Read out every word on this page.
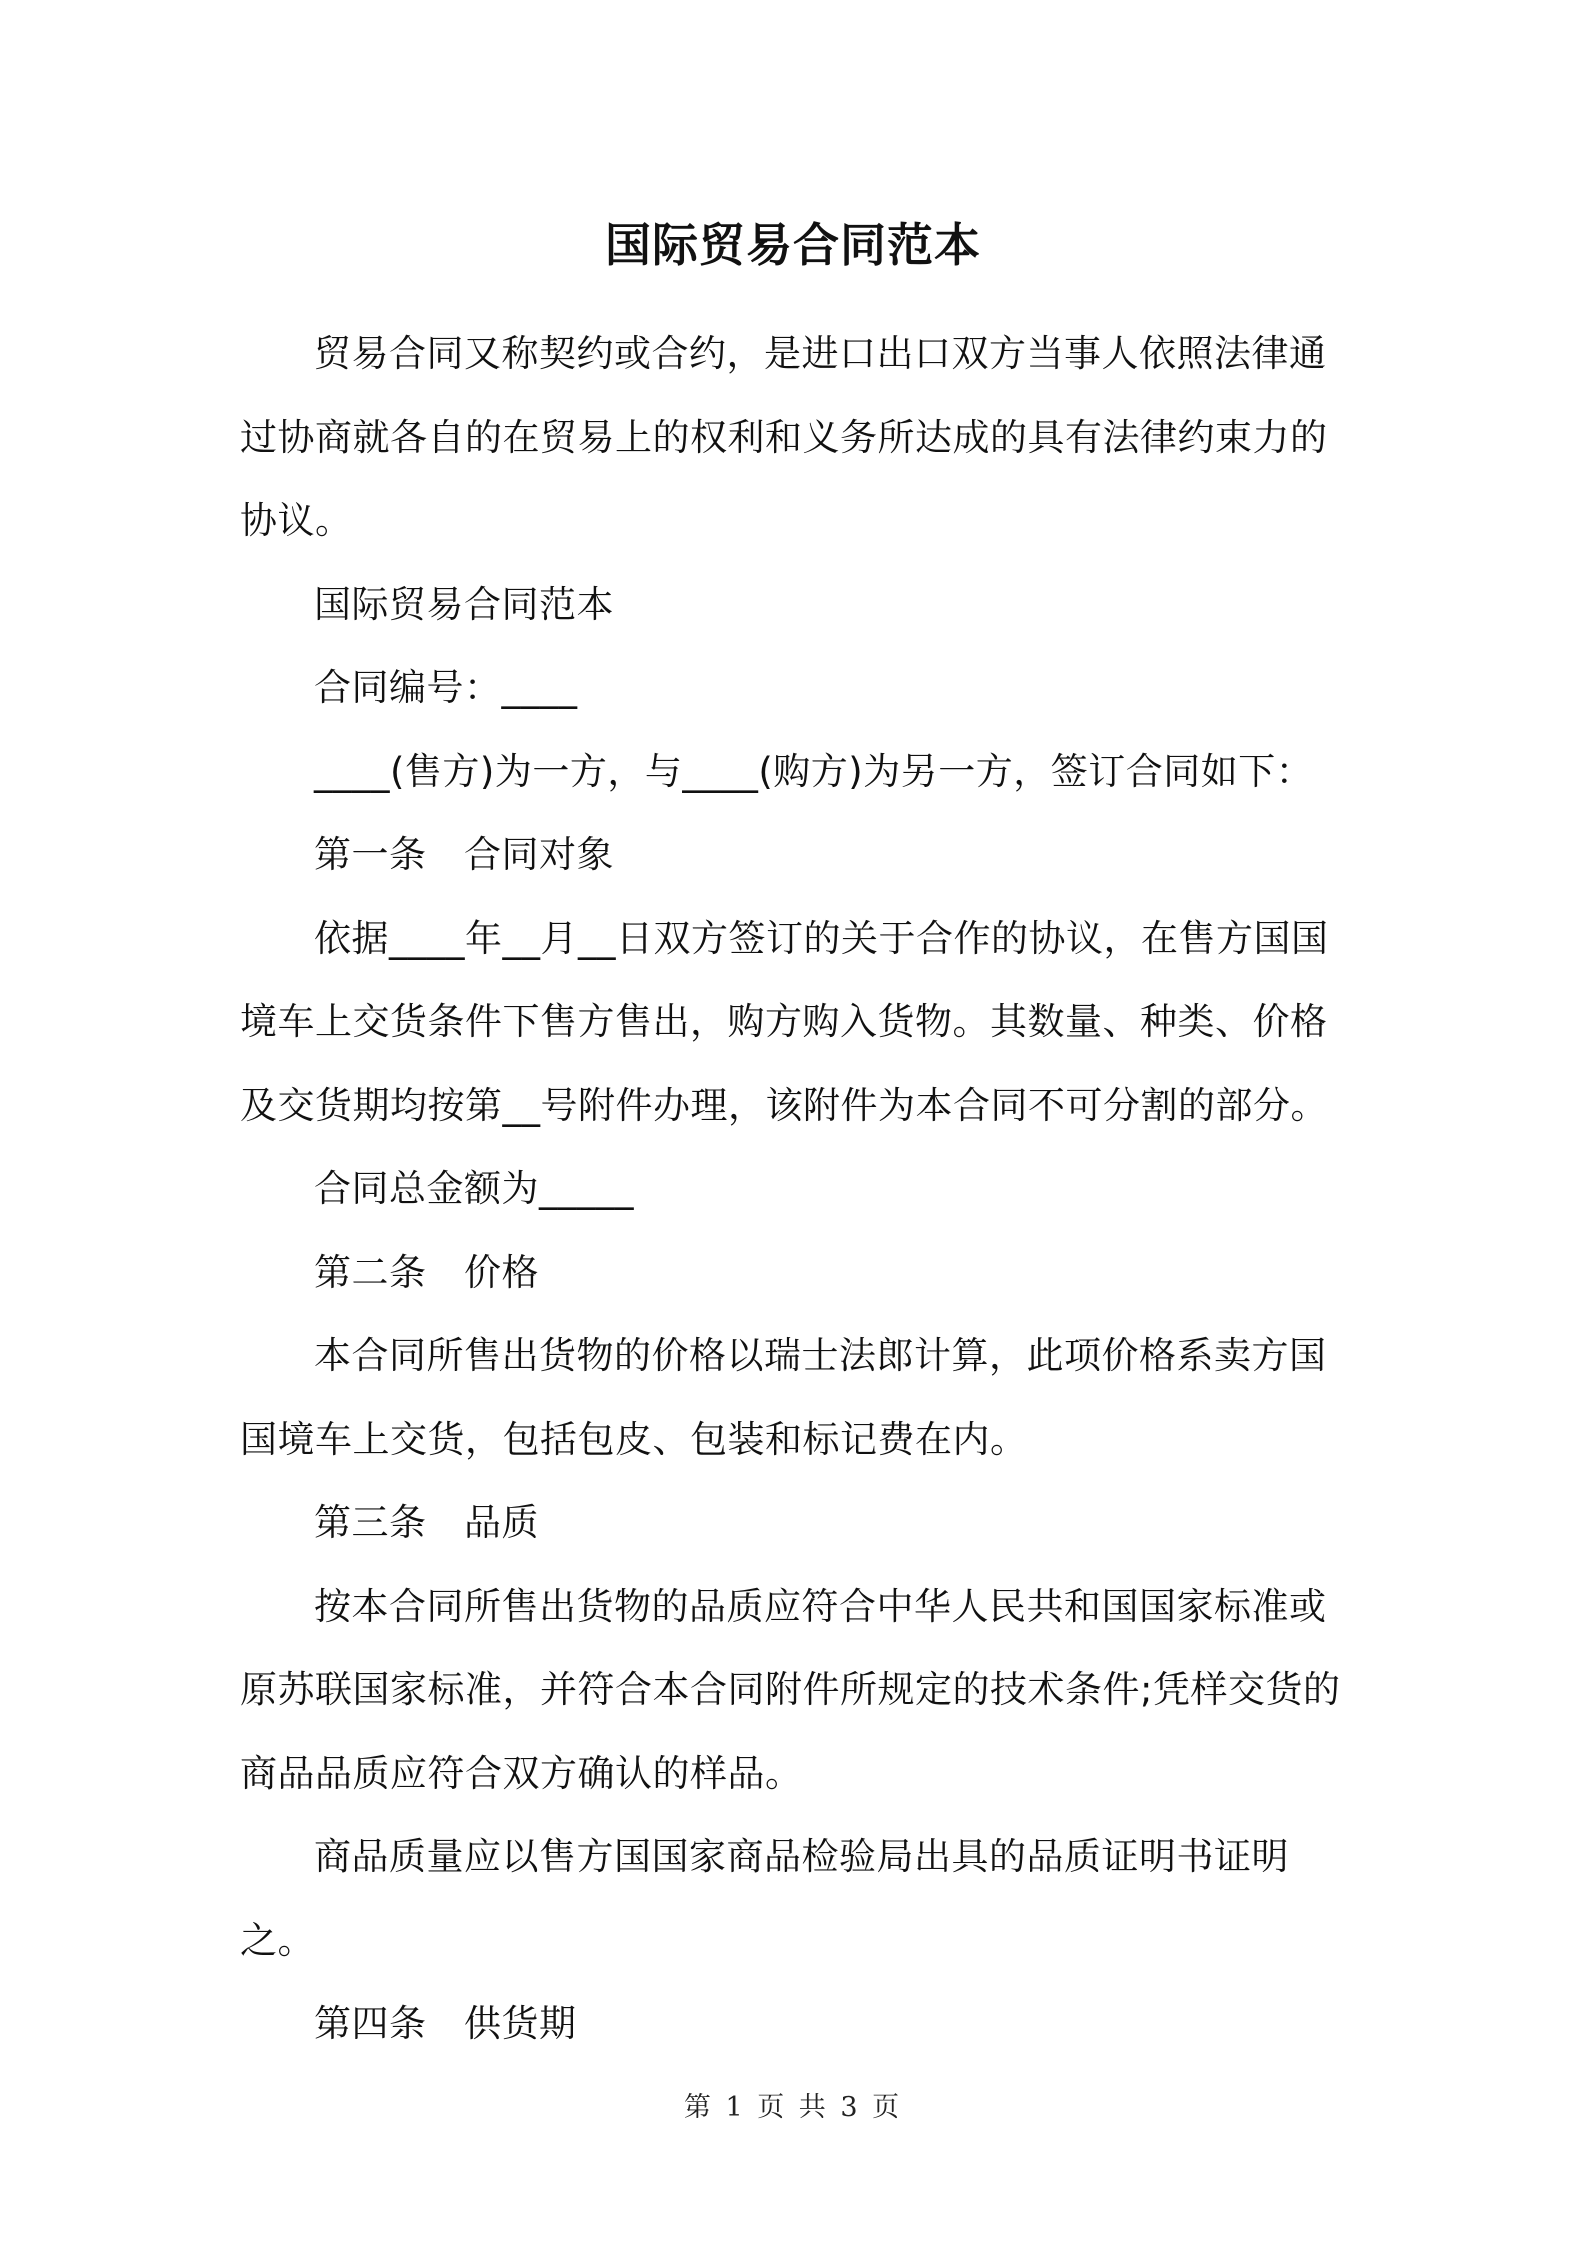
国际贸易合同范本

贸易合同又称契约或合约，是进口出口双方当事人依照法律通过协商就各自的在贸易上的权利和义务所达成的具有法律约束力的协议。

国际贸易合同范本

合同编号：____

____(售方)为一方，与____(购方)为另一方，签订合同如下：

第一条　合同对象

依据____年__月__日双方签订的关于合作的协议，在售方国国境车上交货条件下售方售出，购方购入货物。其数量、种类、价格及交货期均按第__号附件办理，该附件为本合同不可分割的部分。

合同总金额为_____

第二条　价格

本合同所售出货物的价格以瑞士法郎计算，此项价格系卖方国国境车上交货，包括包皮、包装和标记费在内。

第三条　品质

按本合同所售出货物的品质应符合中华人民共和国国家标准或原苏联国家标准，并符合本合同附件所规定的技术条件;凭样交货的商品品质应符合双方确认的样品。

商品质量应以售方国国家商品检验局出具的品质证明书证明之。

第四条　供货期

第 1 页 共 3 页
